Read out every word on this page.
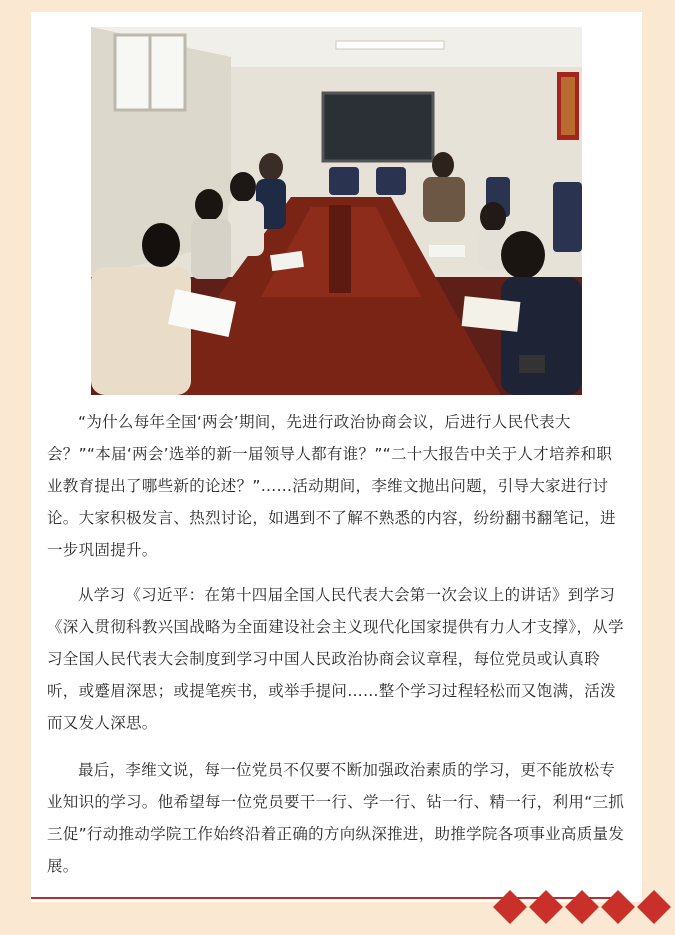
“为什么每年全国‘两会’期间，先进行政治协商会议，后进行人民代表大会？”“本届‘两会’选举的新一届领导人都有谁？”“二十大报告中关于人才培养和职业教育提出了哪些新的论述？”……活动期间，李维文抛出问题，引导大家进行讨论。大家积极发言、热烈讨论，如遇到不了解不熟悉的内容，纷纷翻书翻笔记，进一步巩固提升。

从学习《习近平：在第十四届全国人民代表大会第一次会议上的讲话》到学习《深入贯彻科教兴国战略为全面建设社会主义现代化国家提供有力人才支撑》，从学习全国人民代表大会制度到学习中国人民政治协商会议章程，每位党员或认真聆听，或蹙眉深思；或提笔疾书，或举手提问……整个学习过程轻松而又饱满，活泼而又发人深思。

最后，李维文说，每一位党员不仅要不断加强政治素质的学习，更不能放松专业知识的学习。他希望每一位党员要干一行、学一行、钻一行、精一行，利用“三抓三促”行动推动学院工作始终沿着正确的方向纵深推进，助推学院各项事业高质量发展。
